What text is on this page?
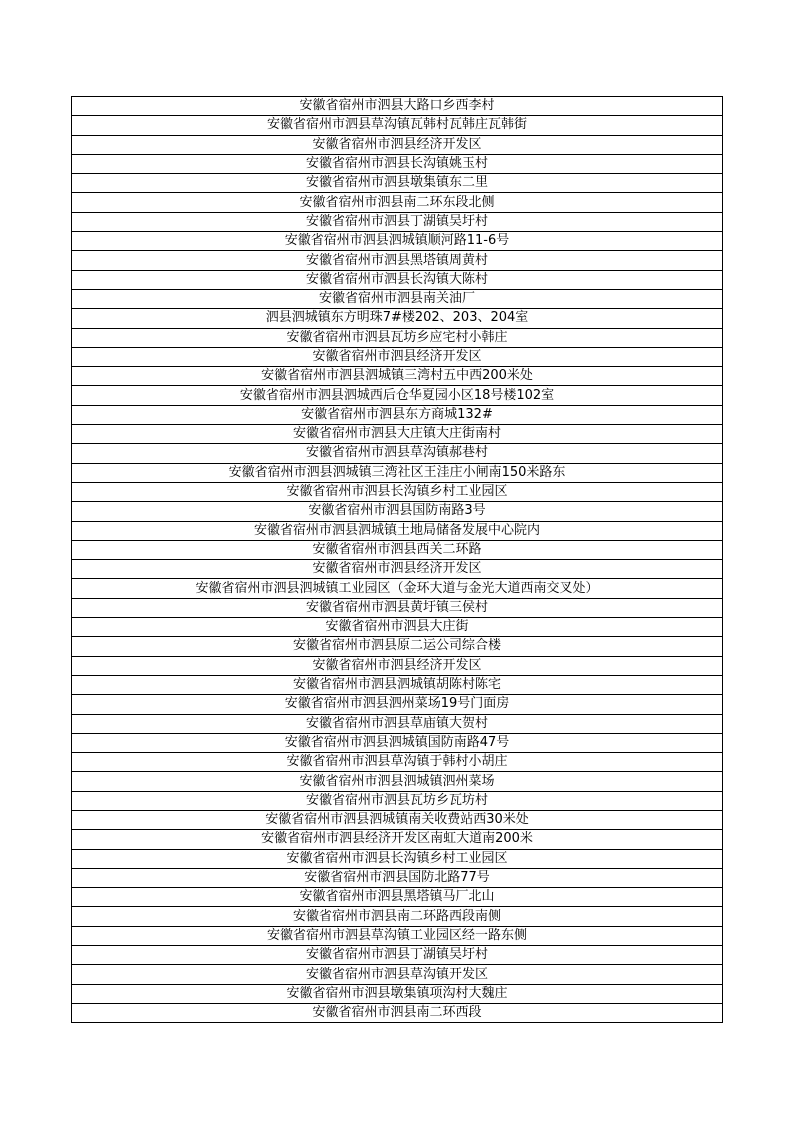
安徽省宿州市泗县大路口乡西李村
安徽省宿州市泗县草沟镇瓦韩村瓦韩庄瓦韩街
安徽省宿州市泗县经济开发区
安徽省宿州市泗县长沟镇姚玉村
安徽省宿州市泗县墩集镇东二里
安徽省宿州市泗县南二环东段北侧
安徽省宿州市泗县丁湖镇吴圩村
安徽省宿州市泗县泗城镇顺河路11-6号
安徽省宿州市泗县黑塔镇周黄村
安徽省宿州市泗县长沟镇大陈村
安徽省宿州市泗县南关油厂
泗县泗城镇东方明珠7#楼202、203、204室
安徽省宿州市泗县瓦坊乡应宅村小韩庄
安徽省宿州市泗县经济开发区
安徽省宿州市泗县泗城镇三湾村五中西200米处
安徽省宿州市泗县泗城西后仓华夏园小区18号楼102室
安徽省宿州市泗县东方商城132#
安徽省宿州市泗县大庄镇大庄街南村
安徽省宿州市泗县草沟镇郝巷村
安徽省宿州市泗县泗城镇三湾社区王洼庄小闸南150米路东
安徽省宿州市泗县长沟镇乡村工业园区
安徽省宿州市泗县国防南路3号
安徽省宿州市泗县泗城镇土地局储备发展中心院内
安徽省宿州市泗县西关二环路
安徽省宿州市泗县经济开发区
安徽省宿州市泗县泗城镇工业园区（金环大道与金光大道西南交叉处）
安徽省宿州市泗县黄圩镇三侯村
安徽省宿州市泗县大庄街
安徽省宿州市泗县原二运公司综合楼
安徽省宿州市泗县经济开发区
安徽省宿州市泗县泗城镇胡陈村陈宅
安徽省宿州市泗县泗州菜场19号门面房
安徽省宿州市泗县草庙镇大贺村
安徽省宿州市泗县泗城镇国防南路47号
安徽省宿州市泗县草沟镇于韩村小胡庄
安徽省宿州市泗县泗城镇泗州菜场
安徽省宿州市泗县瓦坊乡瓦坊村
安徽省宿州市泗县泗城镇南关收费站西30米处
安徽省宿州市泗县经济开发区南虹大道南200米
安徽省宿州市泗县长沟镇乡村工业园区
安徽省宿州市泗县国防北路77号
安徽省宿州市泗县黑塔镇马厂北山
安徽省宿州市泗县南二环路西段南侧
安徽省宿州市泗县草沟镇工业园区经一路东侧
安徽省宿州市泗县丁湖镇吴圩村
安徽省宿州市泗县草沟镇开发区
安徽省宿州市泗县墩集镇项沟村大魏庄
安徽省宿州市泗县南二环西段
